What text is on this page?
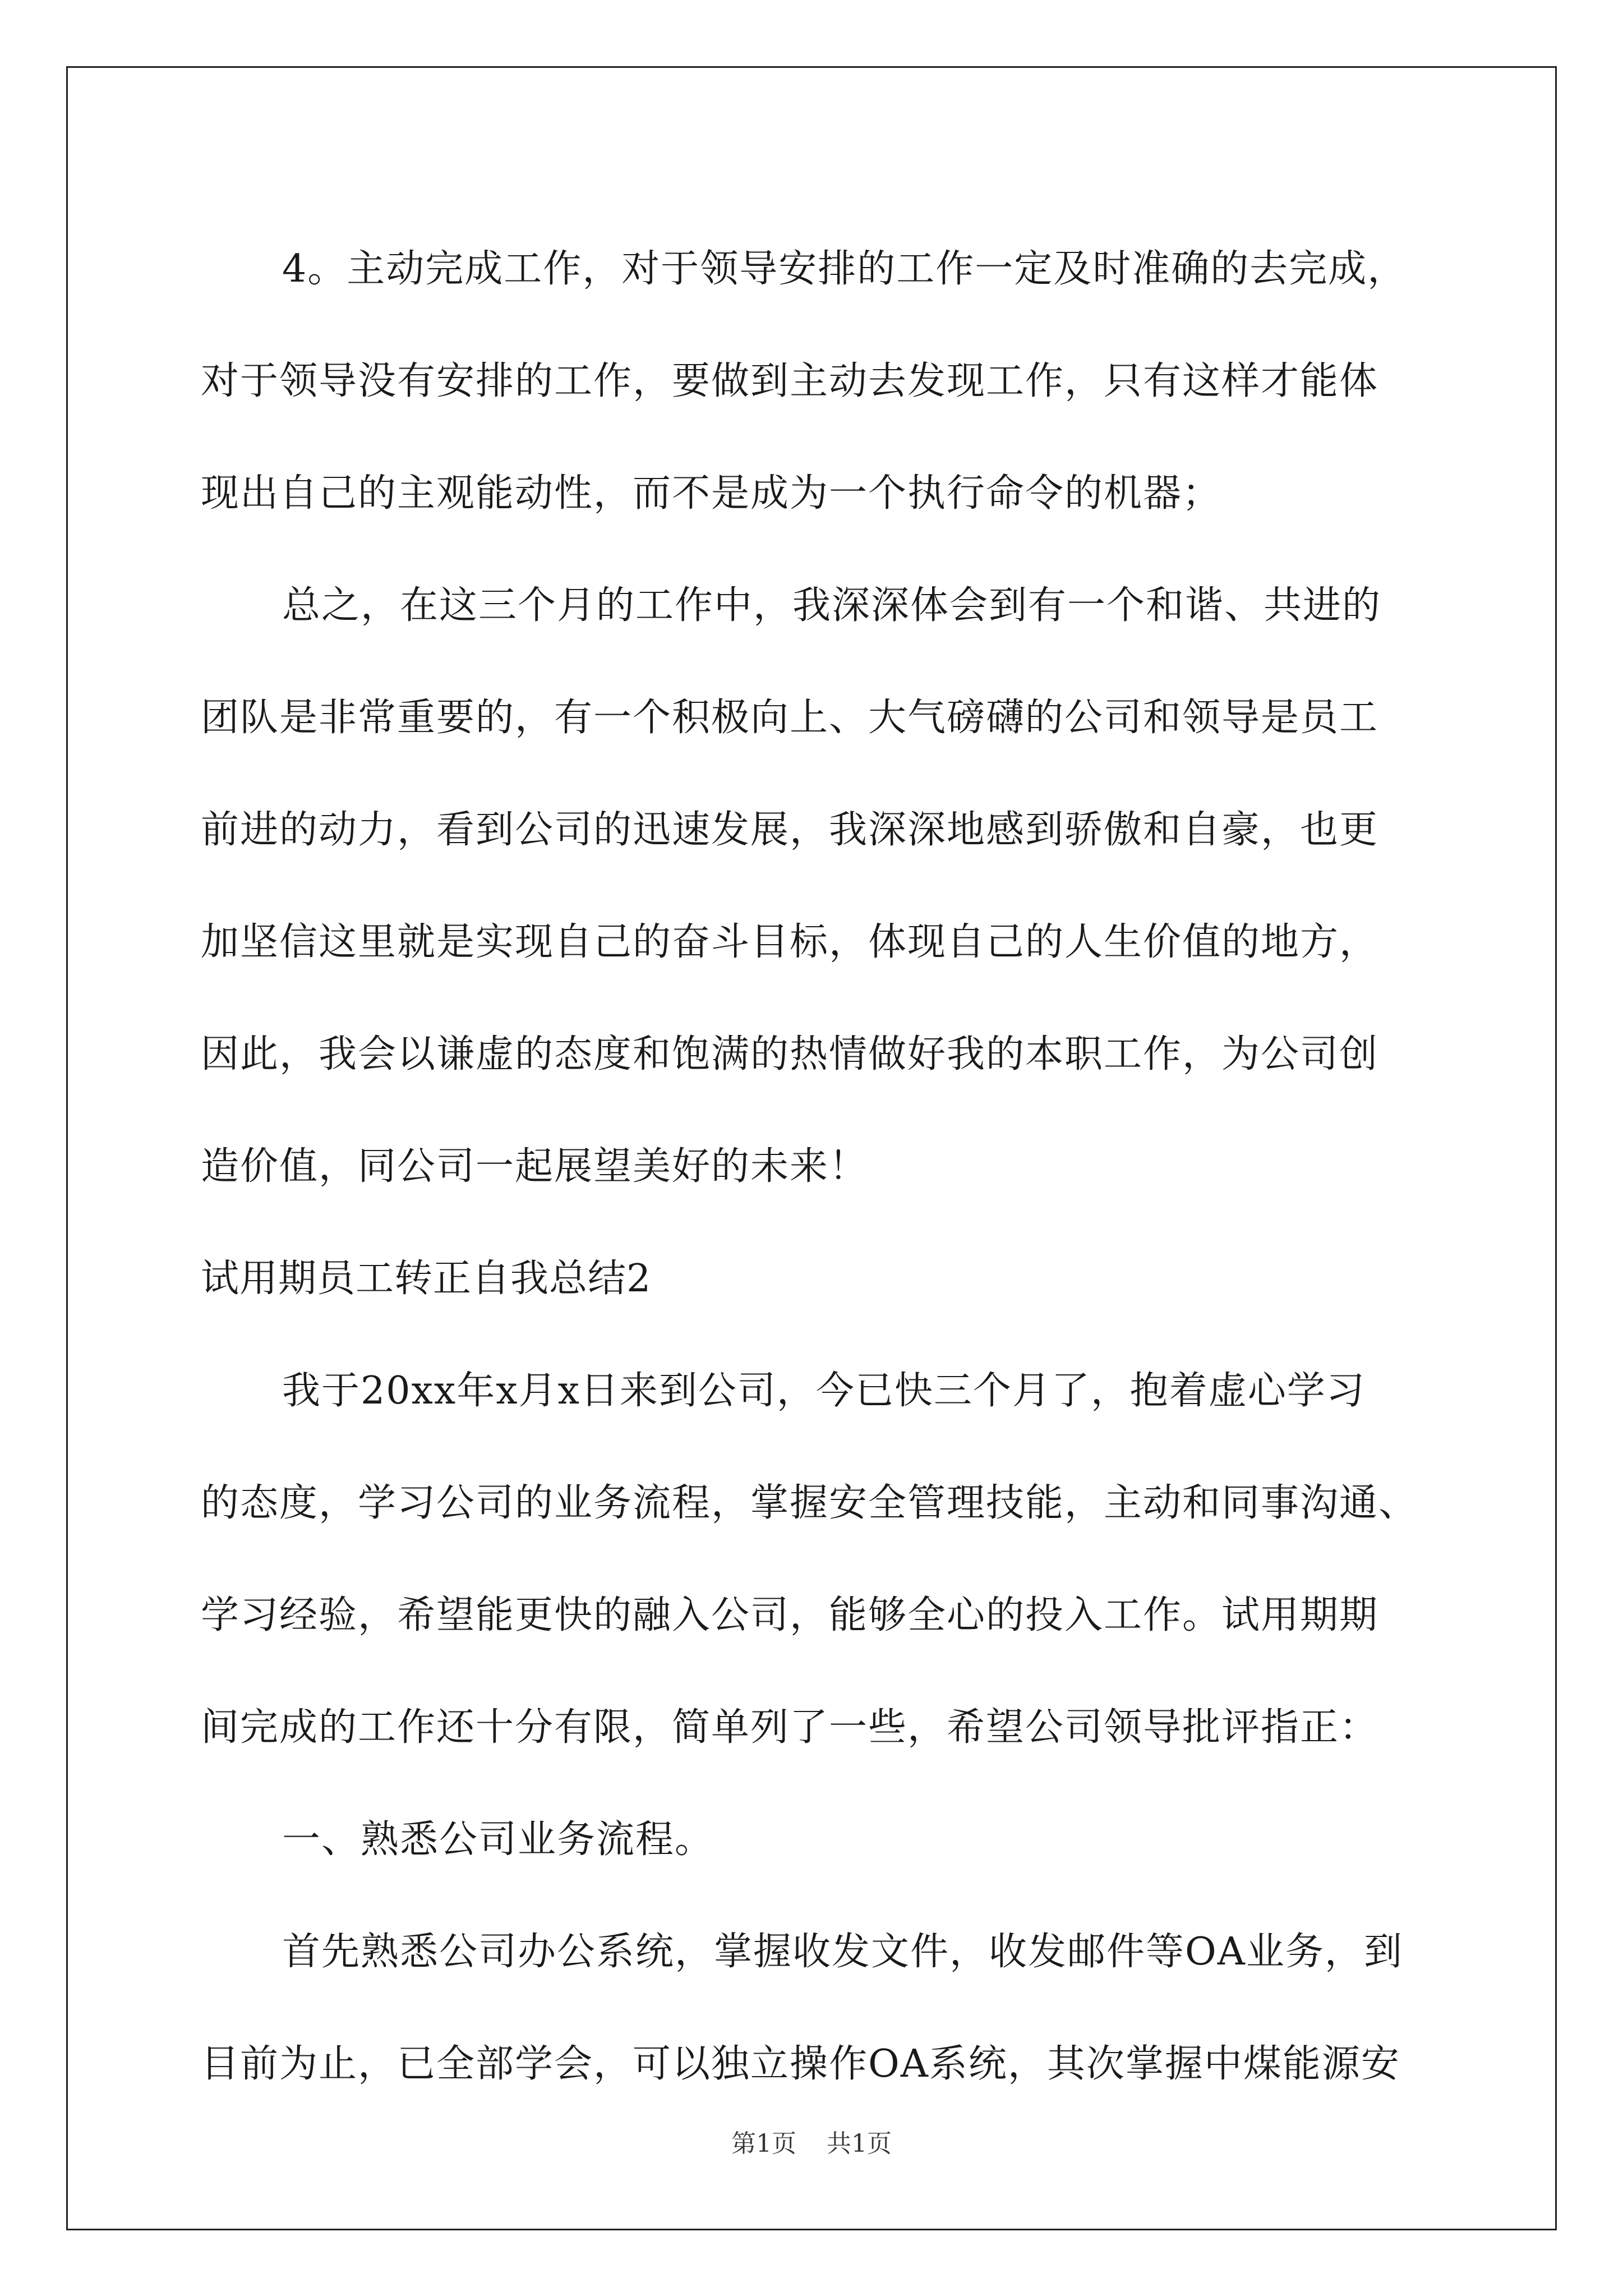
4。主动完成工作，对于领导安排的工作一定及时准确的去完成，
对于领导没有安排的工作，要做到主动去发现工作，只有这样才能体
现出自己的主观能动性，而不是成为一个执行命令的机器；
总之，在这三个月的工作中，我深深体会到有一个和谐、共进的
团队是非常重要的，有一个积极向上、大气磅礴的公司和领导是员工
前进的动力，看到公司的迅速发展，我深深地感到骄傲和自豪，也更
加坚信这里就是实现自己的奋斗目标，体现自己的人生价值的地方，
因此，我会以谦虚的态度和饱满的热情做好我的本职工作，为公司创
造价值，同公司一起展望美好的未来！
试用期员工转正自我总结2
我于20xx年x月x日来到公司，今已快三个月了，抱着虚心学习
的态度，学习公司的业务流程，掌握安全管理技能，主动和同事沟通、
学习经验，希望能更快的融入公司，能够全心的投入工作。试用期期
间完成的工作还十分有限，简单列了一些，希望公司领导批评指正：
一、熟悉公司业务流程。
首先熟悉公司办公系统，掌握收发文件，收发邮件等OA业务，到
目前为止，已全部学会，可以独立操作OA系统，其次掌握中煤能源安
第1页 共1页
